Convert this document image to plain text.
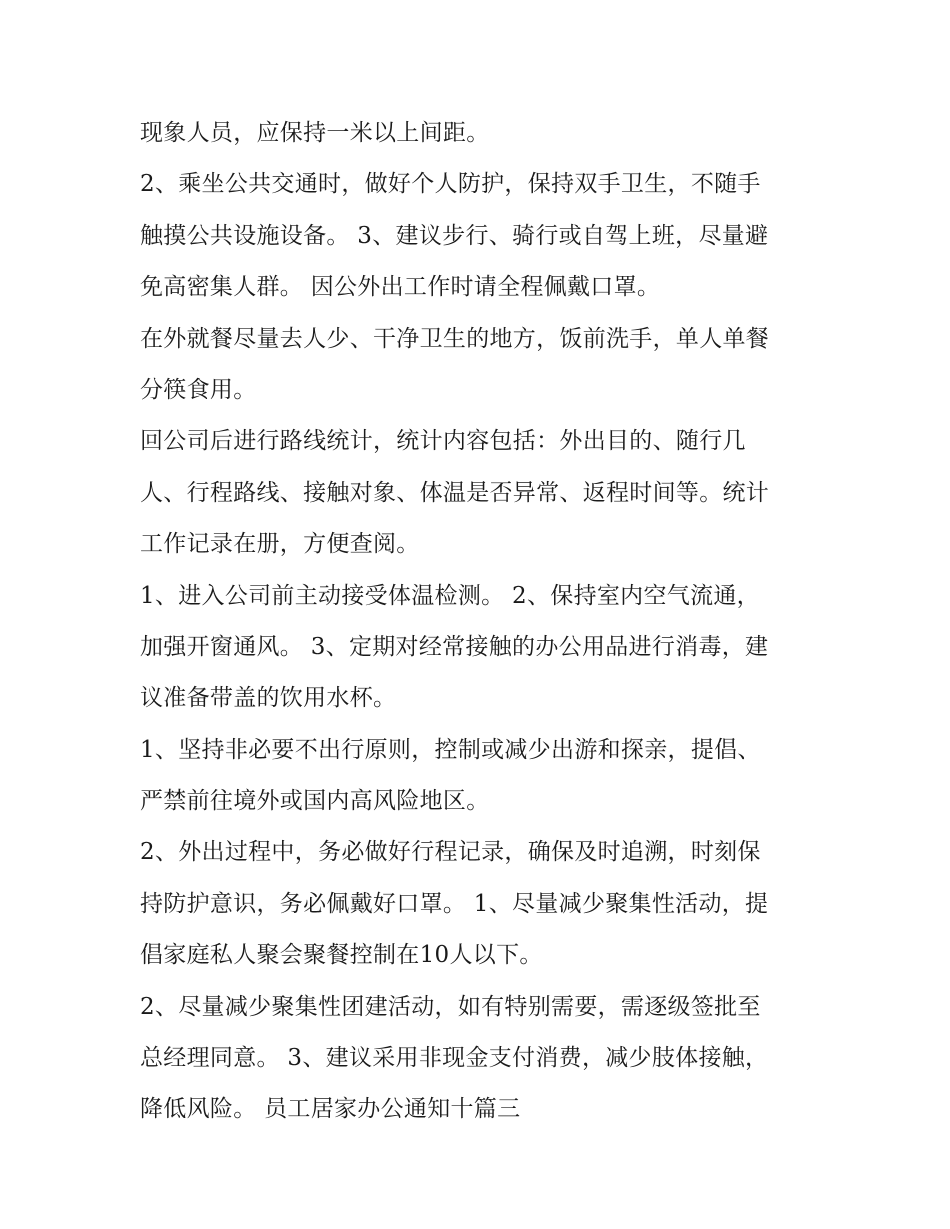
现象人员，应保持一米以上间距。
2、乘坐公共交通时，做好个人防护，保持双手卫生，不随手
触摸公共设施设备。 3、建议步行、骑行或自驾上班，尽量避
免高密集人群。 因公外出工作时请全程佩戴口罩。
在外就餐尽量去人少、干净卫生的地方，饭前洗手，单人单餐
分筷食用。
回公司后进行路线统计，统计内容包括：外出目的、随行几
人、行程路线、接触对象、体温是否异常、返程时间等。统计
工作记录在册，方便查阅。
1、进入公司前主动接受体温检测。 2、保持室内空气流通，
加强开窗通风。 3、定期对经常接触的办公用品进行消毒，建
议准备带盖的饮用水杯。
1、坚持非必要不出行原则，控制或减少出游和探亲，提倡、
严禁前往境外或国内高风险地区。
2、外出过程中，务必做好行程记录，确保及时追溯，时刻保
持防护意识，务必佩戴好口罩。 1、尽量减少聚集性活动，提
倡家庭私人聚会聚餐控制在10人以下。
2、尽量减少聚集性团建活动，如有特别需要，需逐级签批至
总经理同意。 3、建议采用非现金支付消费，减少肢体接触，
降低风险。 员工居家办公通知十篇三
